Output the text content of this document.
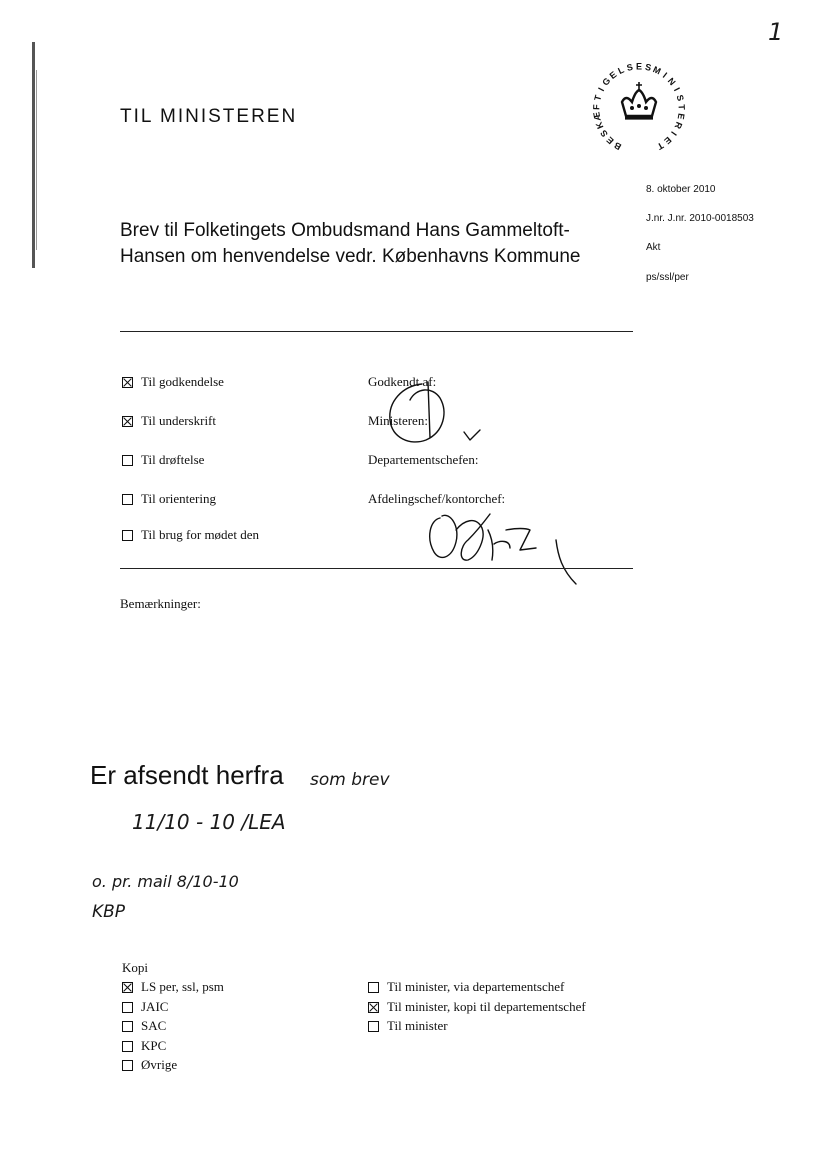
1
TIL MINISTEREN
B
E
S
K
Æ
F
T
I
G
E
L S E S M
I
N
I
S
T
E
R
I
E
T
8. oktober 2010
J.nr. J.nr. 2010-0018503
Akt
ps/ssl/per
Brev til Folketingets Ombudsmand Hans Gammeltoft-
Hansen om henvendelse vedr. Københavns Kommune
Til godkendelse
Til underskrift
Til drøftelse
Til orientering
Til brug for mødet den
Godkendt af:
Ministeren:
Departementschefen:
Afdelingschef/kontorchef:
Bemærkninger:
Er afsendt herfra som brev
11/10 - 10 /LEA
o. pr. mail 8/10-10
KBP
Kopi
LS per, ssl, psm
JAIC
SAC
KPC
Øvrige
Til minister, via departementschef
Til minister, kopi til departementschef
Til minister
